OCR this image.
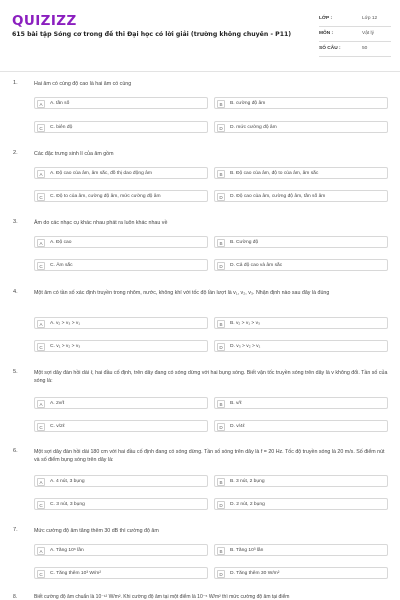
QUIZIZZ
615 bài tập Sóng cơ trong đề thi Đại học có lời giải (trường không chuyên - P11)
LỚP :	Lớp 12
MÔN :	Vật lý
SỐ CÂU :	50
1.	Hai âm có cùng độ cao là hai âm có cùng
A	A. tần số	B	B. cường độ âm
C	C. biên độ	D	D. mức cường độ âm
2.	Các đặc trưng sinh lí của âm gồm
A	A. Độ cao của âm, âm sắc, đồ thị dao động âm	B	B. Độ cao của âm, độ to của âm, âm sắc
C	C. Độ to của âm, cường độ âm, mức cường độ âm	D	D. Độ cao của âm, cường độ âm, tần số âm
3.	Âm do các nhạc cụ khác nhau phát ra luôn khác nhau về
A	A. Độ cao	B	B. Cường độ
C	C. Âm sắc	D	D. Cả độ cao và âm sắc
4.	Một âm có tần số xác định truyền trong nhôm, nước, không khí với tốc độ lần lượt là v₁, v₂, v₃. Nhận định nào sau đây là đúng
A	A. v₂ > v₃ > v₁	B	B. v₂ > v₁ > v₃
C	C. v₁ > v₂ > v₃	D	D. v₃ > v₂ > v₁
5.	Một sợi dây đàn hồi dài ℓ, hai đầu cố định, trên dây đang có sóng dừng với hai bụng sóng. Biết vận tốc truyền sóng trên dây là v không đổi. Tần số của sóng là:
A	A. 2v/ℓ	B	B. v/ℓ
C	C. v/2ℓ	D	D. v/4ℓ
6.	Một sợi dây đàn hồi dài 180 cm với hai đầu cố định đang có sóng dừng. Tần số sóng trên dây là f = 20 Hz. Tốc độ truyền sóng là 20 m/s. Số điểm nút và số điểm bụng sóng trên dây là:
A	A. 4 nút, 3 bụng	B	B. 3 nút, 2 bụng
C	C. 3 nút, 3 bụng	D	D. 2 nút, 2 bụng
7.	Mức cường độ âm tăng thêm 30 dB thì cường độ âm
A	A. Tăng 10⁶ lần	B	B. Tăng 10³ lần
C	C. Tăng thêm 10³ W/m²	D	D. Tăng thêm 30 W/m²
8.	Biết cường độ âm chuẩn là 10⁻¹² W/m². Khi cường độ âm tại một điểm là 10⁻⁵ W/m² thì mức cường độ âm tại điểm
